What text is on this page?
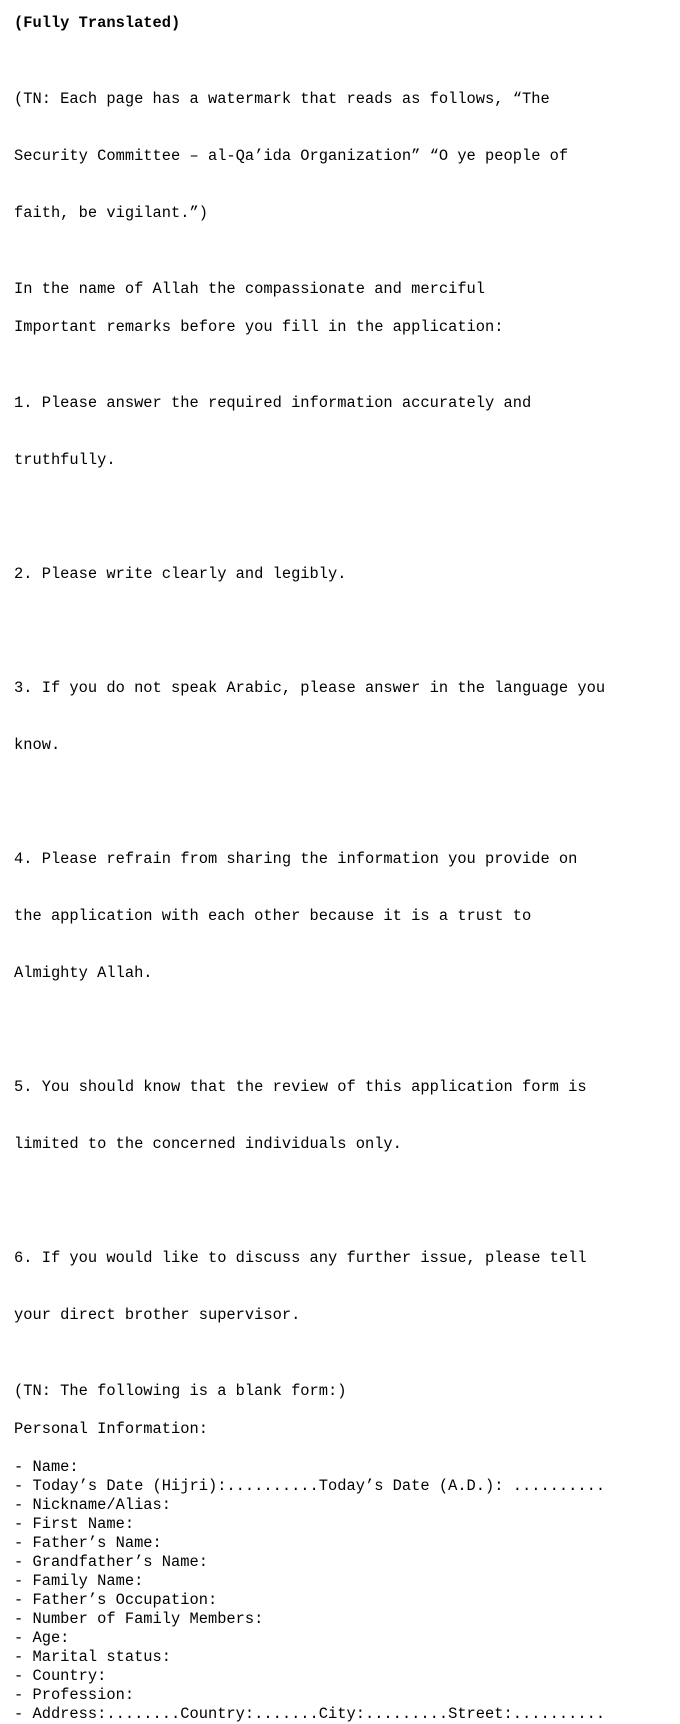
(Fully Translated)

(TN: Each page has a watermark that reads as follows, “The

Security Committee – al-Qa’ida Organization” “O ye people of

faith, be vigilant.”)

In the name of Allah the compassionate and merciful
Important remarks before you fill in the application:

1. Please answer the required information accurately and

truthfully.

2. Please write clearly and legibly.

3. If you do not speak Arabic, please answer in the language you

know.

4. Please refrain from sharing the information you provide on

the application with each other because it is a trust to

Almighty Allah.

5. You should know that the review of this application form is

limited to the concerned individuals only.

6. If you would like to discuss any further issue, please tell

your direct brother supervisor.

(TN: The following is a blank form:)
Personal Information:
- Name:
- Today’s Date (Hijri):..........Today’s Date (A.D.): ..........
- Nickname/Alias:
- First Name:
- Father’s Name:
- Grandfather’s Name:
- Family Name:
- Father’s Occupation:
- Number of Family Members:
- Age:
- Marital status:
- Country:
- Profession:
- Address:........Country:.......City:.........Street:..........
